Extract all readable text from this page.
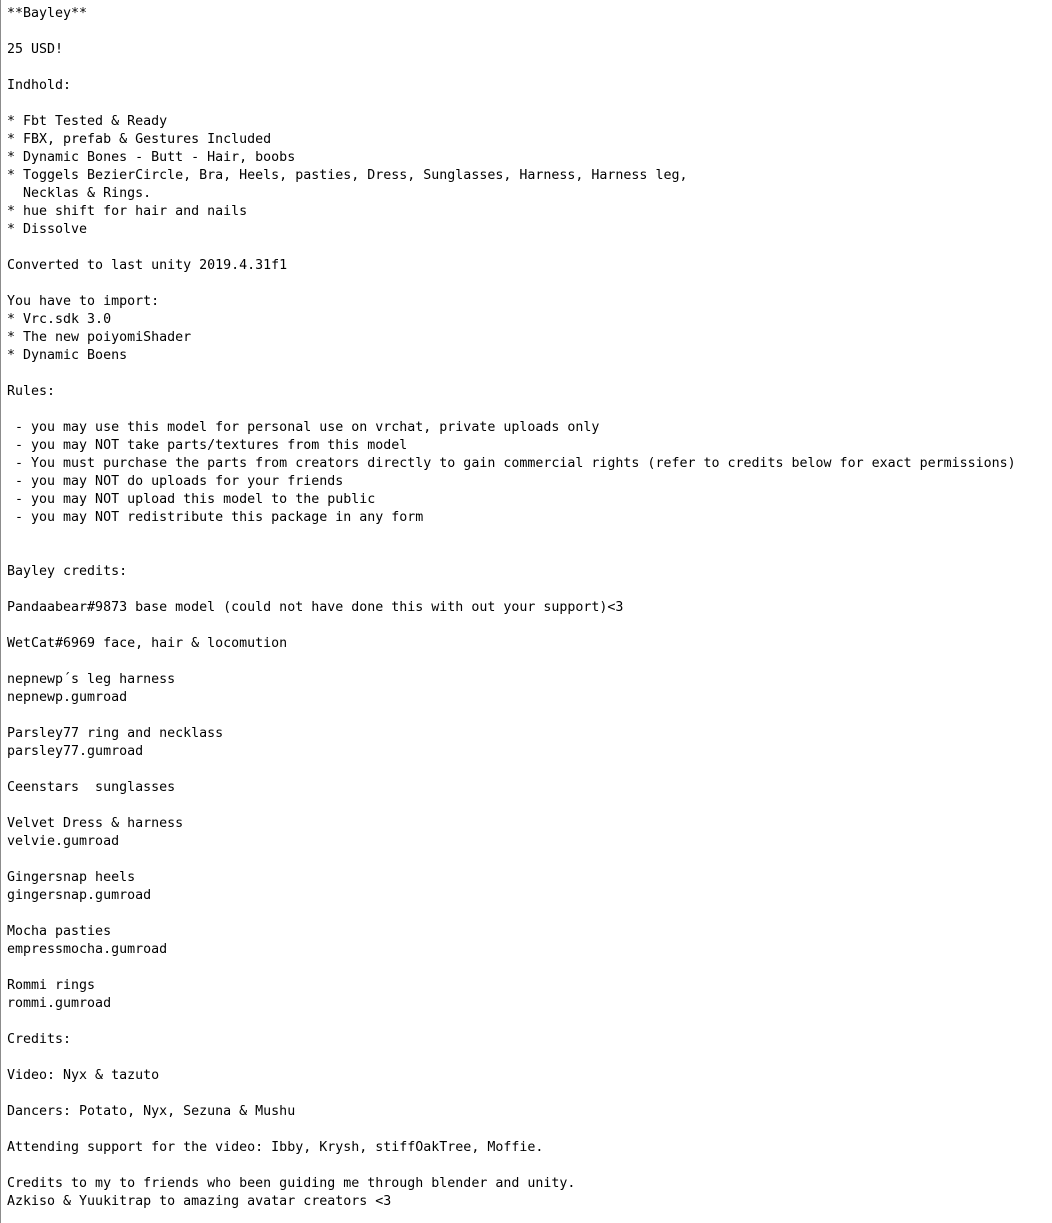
**Bayley**
25 USD!
Indhold:
* Fbt Tested & Ready
* FBX, prefab & Gestures Included
* Dynamic Bones - Butt - Hair, boobs
* Toggels BezierCircle, Bra, Heels, pasties, Dress, Sunglasses, Harness, Harness leg,
Necklas & Rings.
* hue shift for hair and nails
* Dissolve
Converted to last unity 2019.4.31f1
You have to import:
* Vrc.sdk 3.0
* The new poiyomiShader
* Dynamic Boens
Rules:
- you may use this model for personal use on vrchat, private uploads only
- you may NOT take parts/textures from this model
- You must purchase the parts from creators directly to gain commercial rights (refer to credits below for exact permissions)
- you may NOT do uploads for your friends
- you may NOT upload this model to the public
- you may NOT redistribute this package in any form
Bayley credits:
Pandaabear#9873 base model (could not have done this with out your support)<3
WetCat#6969 face, hair & locomution
nepnewp´s leg harness
nepnewp.gumroad
Parsley77 ring and necklass
parsley77.gumroad
Ceenstars  sunglasses
Velvet Dress & harness
velvie.gumroad
Gingersnap heels
gingersnap.gumroad
Mocha pasties
empressmocha.gumroad
Rommi rings
rommi.gumroad
Credits:
Video: Nyx & tazuto
Dancers: Potato, Nyx, Sezuna & Mushu
Attending support for the video: Ibby, Krysh, stiffOakTree, Moffie.
Credits to my to friends who been guiding me through blender and unity.
Azkiso & Yuukitrap to amazing avatar creators <3
